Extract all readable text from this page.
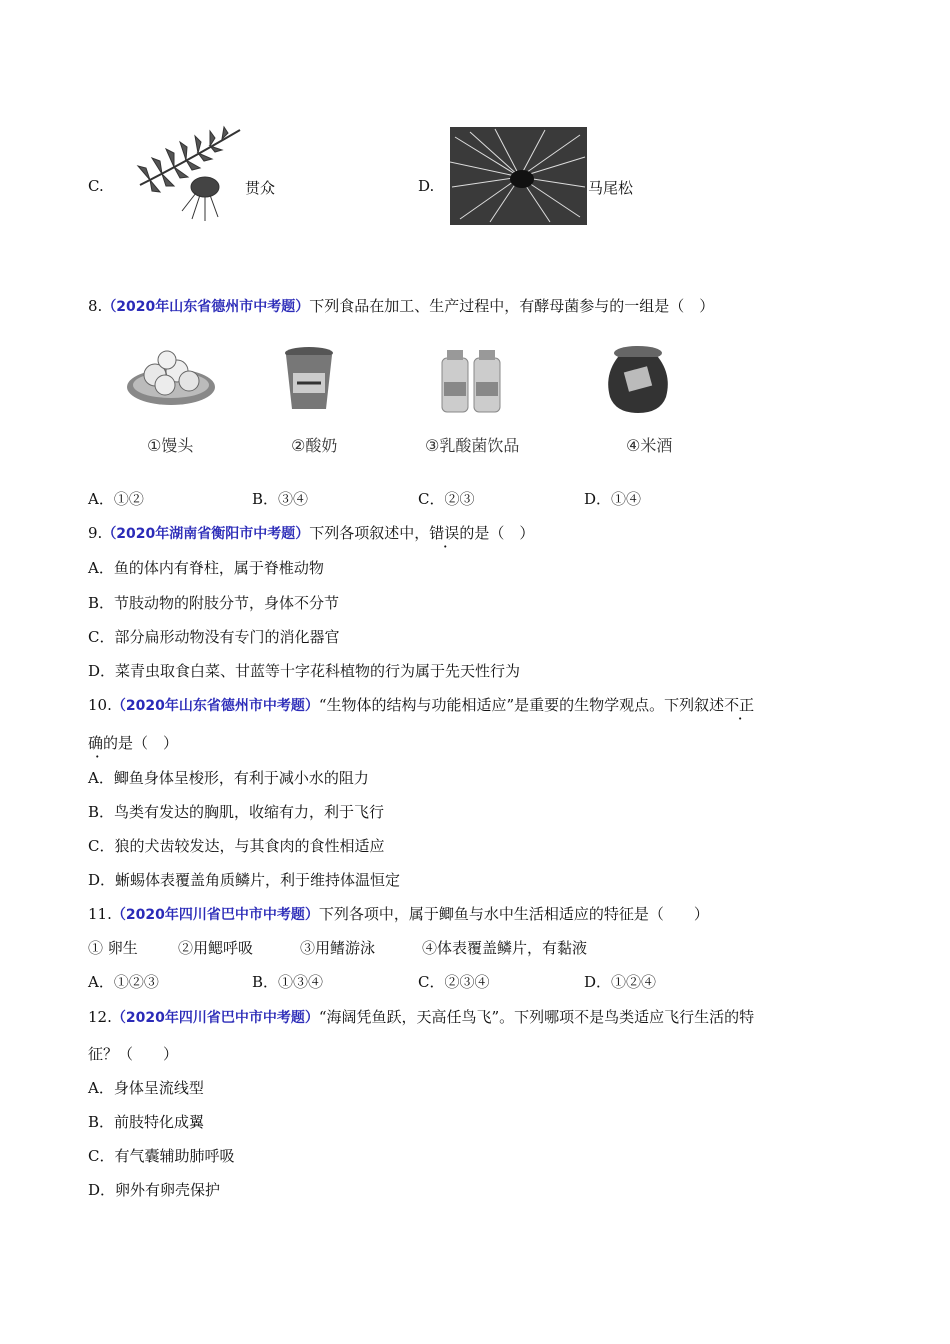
C.	贯众	D.	马尾松
8.（2020年山东省德州市中考题）下列食品在加工、生产过程中，有酵母菌参与的一组是（　）
①馒头	②酸奶	③乳酸菌饮品	④米酒
A．①②	B．③④	C．②③	D．①④
9.（2020年湖南省衡阳市中考题）下列各项叙述中，错误的是（　）
A．鱼的体内有脊柱，属于脊椎动物
B．节肢动物的附肢分节，身体不分节
C．部分扁形动物没有专门的消化器官
D．菜青虫取食白菜、甘蓝等十字花科植物的行为属于先天性行为
10.（2020年山东省德州市中考题）“生物体的结构与功能相适应”是重要的生物学观点。下列叙述不正
确的是（　）
A．鲫鱼身体呈梭形，有利于减小水的阻力
B．鸟类有发达的胸肌，收缩有力，利于飞行
C．狼的犬齿较发达，与其食肉的食性相适应
D．蜥蜴体表覆盖角质鳞片，利于维持体温恒定
11.（2020年四川省巴中市中考题）下列各项中，属于鲫鱼与水中生活相适应的特征是（　　）
① 卵生	②用鳃呼吸	③用鳍游泳	④体表覆盖鳞片，有黏液
A．①②③	B．①③④	C．②③④	D．①②④
12.（2020年四川省巴中市中考题）“海阔凭鱼跃，天高任鸟飞”。下列哪项不是鸟类适应飞行生活的特
征？（　　）
A．身体呈流线型
B．前肢特化成翼
C．有气囊辅助肺呼吸
D．卵外有卵壳保护
